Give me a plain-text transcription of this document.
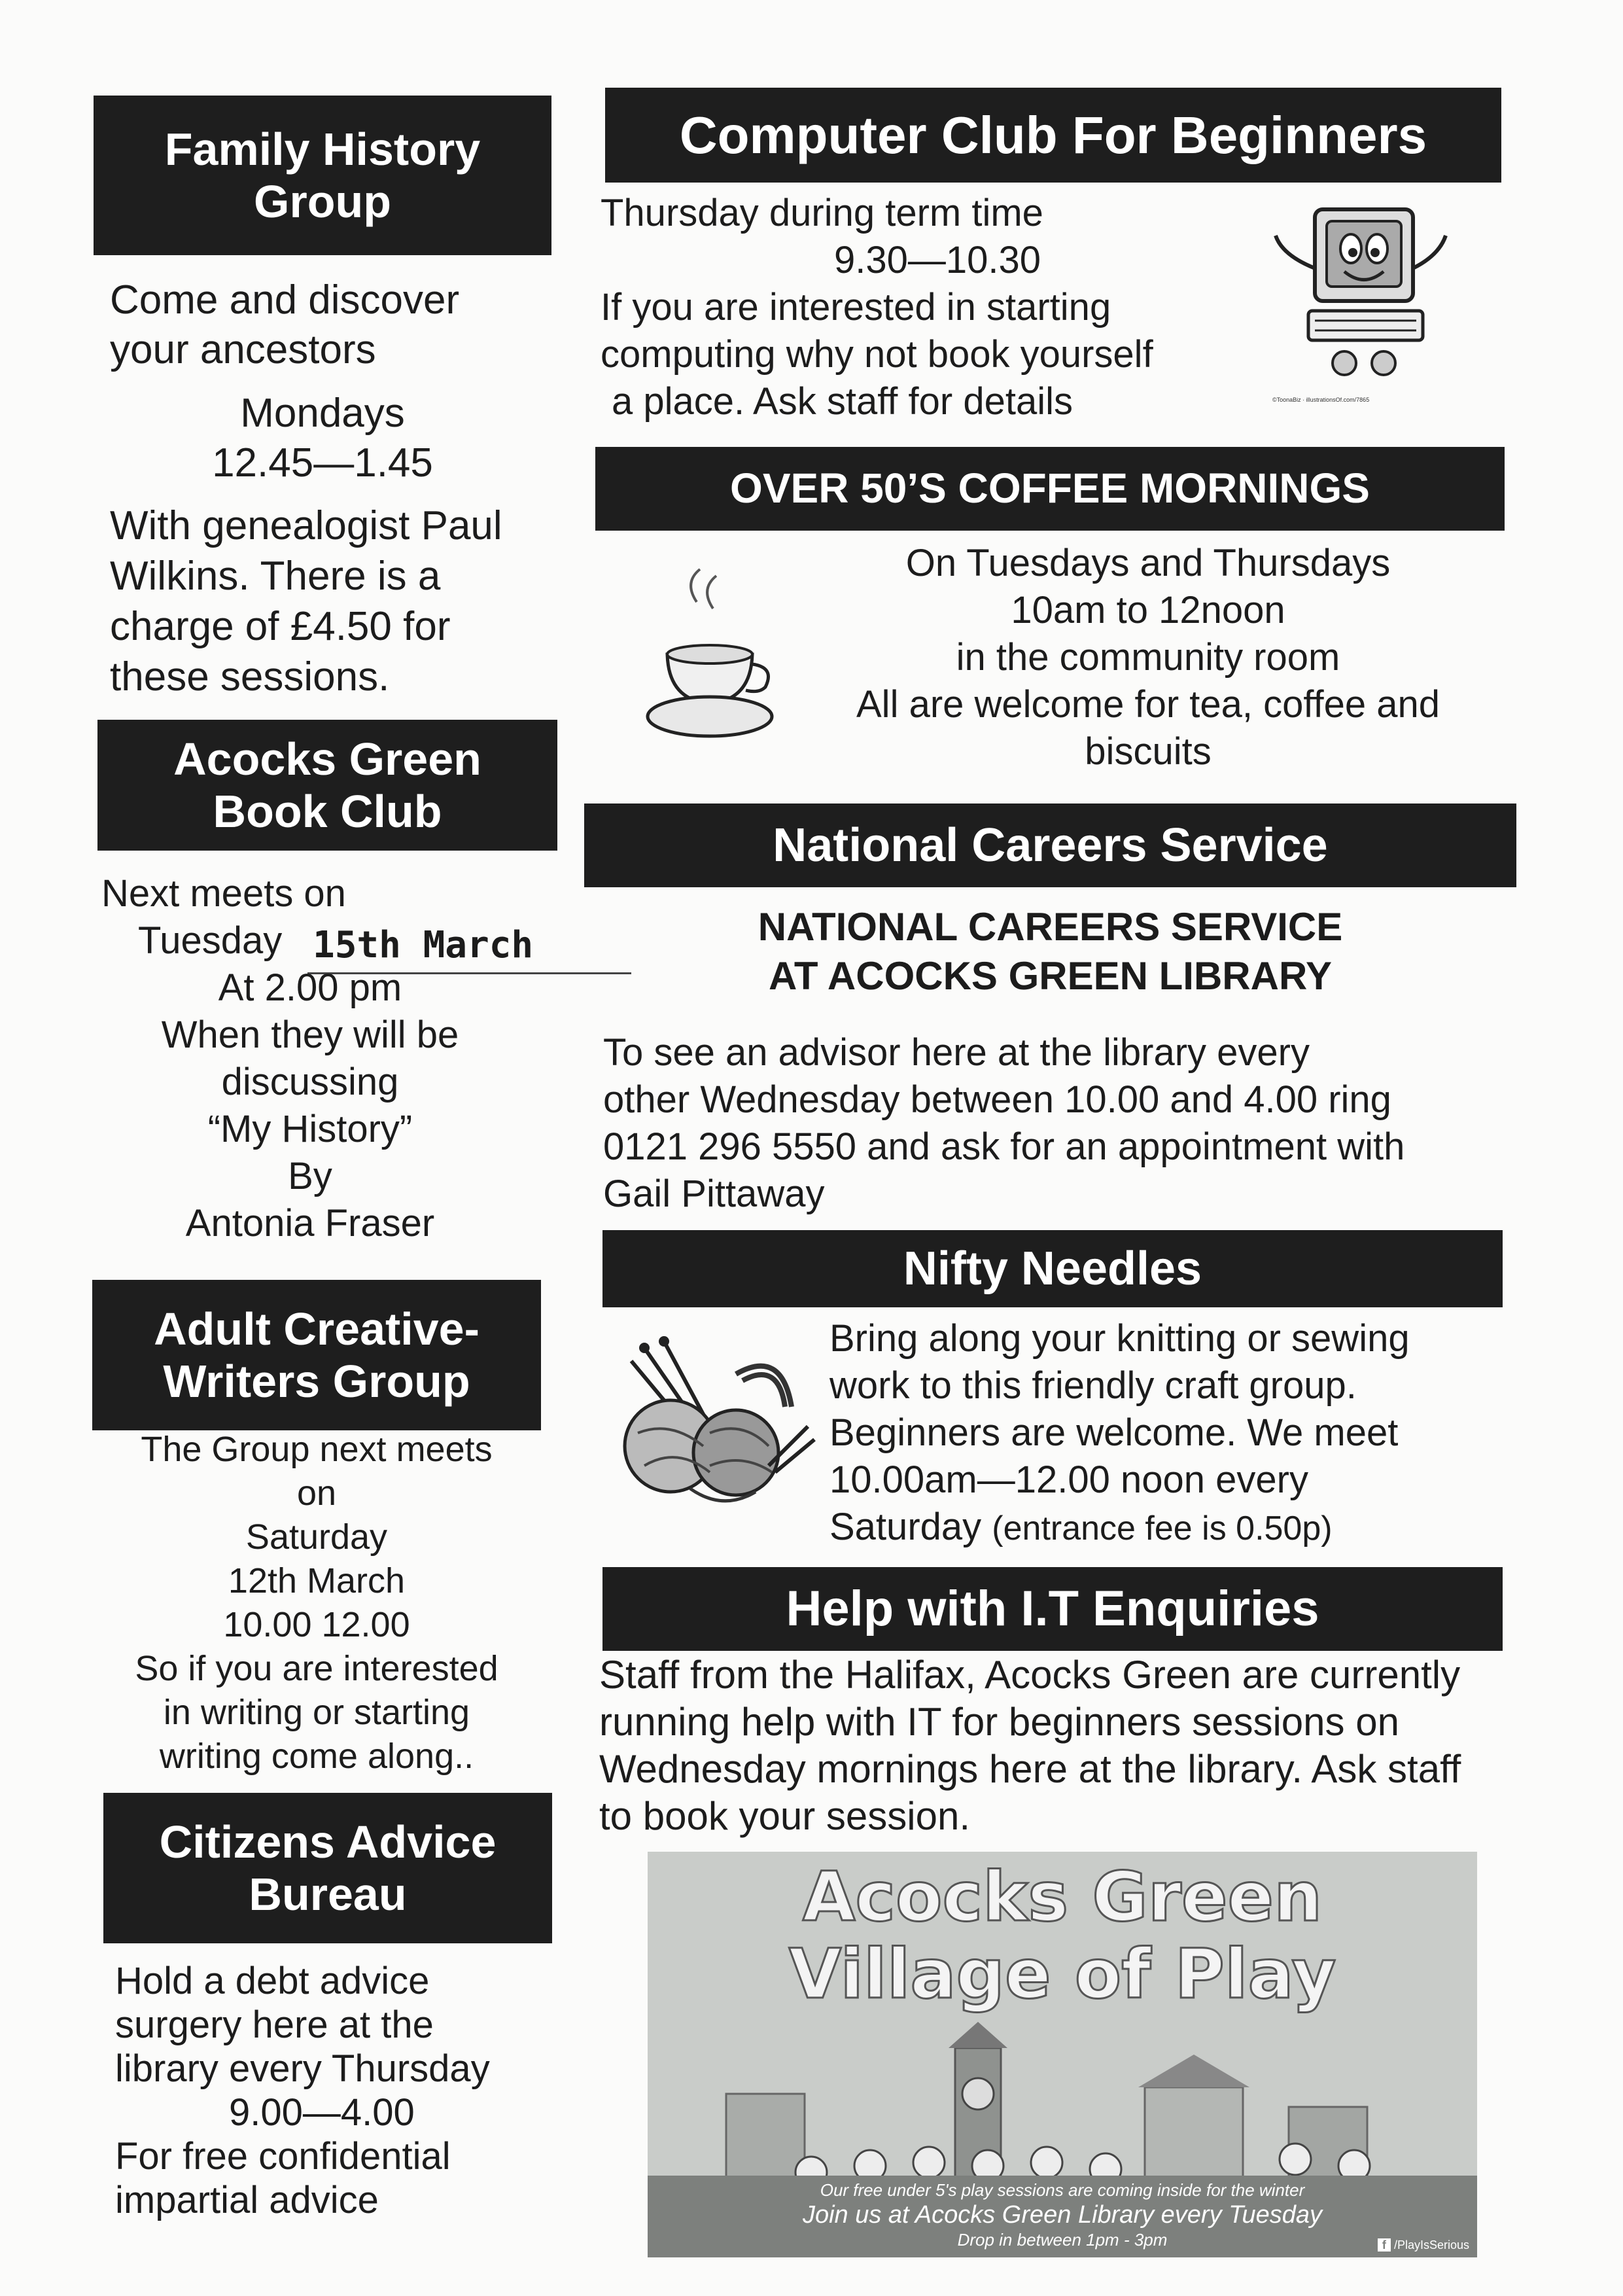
Family History
Group
Come and discover
your ancestors
Mondays
12.45—1.45
With genealogist Paul
Wilkins. There is a
charge of £4.50 for
these sessions.
Acocks Green
Book Club
Next meets on
Tuesday 15th March
At 2.00 pm
When they will be
discussing
“My History”
By
Antonia Fraser
Adult Creative-
Writers Group
The Group next meets
on
Saturday
12th March
10.00 12.00
So if you are interested
in writing or starting
writing come along..
Citizens Advice
Bureau
Hold a debt advice
surgery here at the
library every Thursday
9.00—4.00
For free confidential
impartial advice
Computer Club For Beginners
Thursday during term time
9.30—10.30
If you are interested in starting
computing why not book yourself
a place. Ask staff for details	©ToonaBiz · illustrationsOf.com/7865
OVER 50’S COFFEE MORNINGS
On Tuesdays and Thursdays
10am to 12noon
in the community room
All are welcome for tea, coffee and
biscuits
National Careers Service
NATIONAL CAREERS SERVICE
AT ACOCKS GREEN LIBRARY
To see an advisor here at the library every
other Wednesday between 10.00 and 4.00 ring
0121 296 5550 and ask for an appointment with
Gail Pittaway
Nifty Needles
Bring along your knitting or sewing
work to this friendly craft group.
Beginners are welcome. We meet
10.00am—12.00 noon every
Saturday (entrance fee is 0.50p)
Help with I.T Enquiries
Staff from the Halifax, Acocks Green are currently
running help with IT for beginners sessions on
Wednesday mornings here at the library. Ask staff
to book your session.
Acocks Green
Village of Play
Our free under 5's play sessions are coming inside for the winter
Join us at Acocks Green Library every Tuesday
Drop in between 1pm - 3pm	f /PlayIsSerious
